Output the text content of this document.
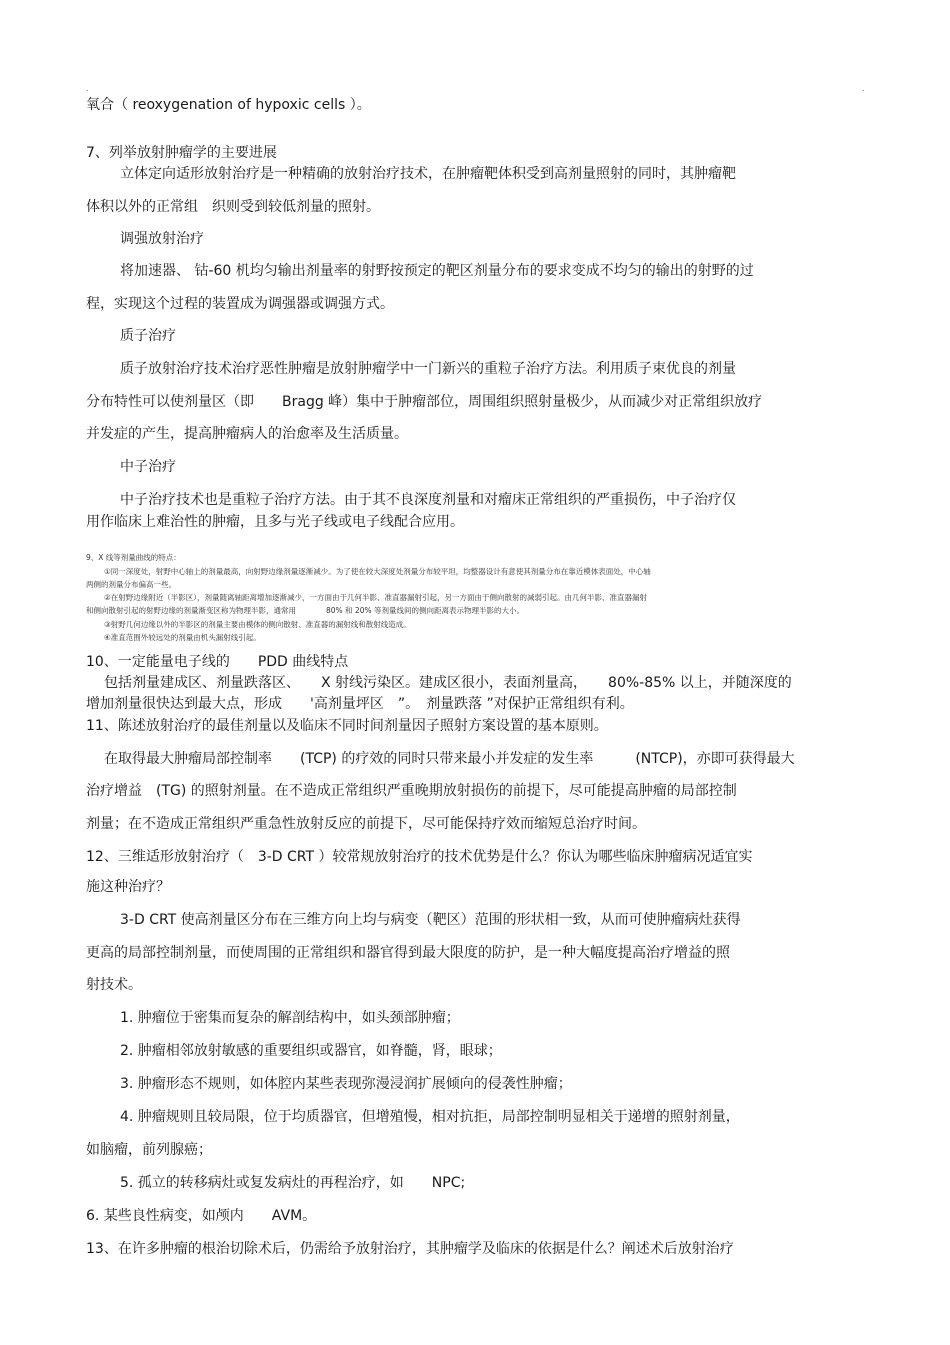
.	.
氧合（ reoxygenation of hypoxic cells ）。
7、列举放射肿瘤学的主要进展
立体定向适形放射治疗是一种精确的放射治疗技术，在肿瘤靶体积受到高剂量照射的同时，其肿瘤靶
体积以外的正常组　织则受到较低剂量的照射。
调强放射治疗
将加速器、 钴-60 机均匀输出剂量率的射野按预定的靶区剂量分布的要求变成不均匀的输出的射野的过
程，实现这个过程的装置成为调强器或调强方式。
质子治疗
质子放射治疗技术治疗恶性肿瘤是放射肿瘤学中一门新兴的重粒子治疗方法。利用质子束优良的剂量
分布特性可以使剂量区（即　　Bragg 峰）集中于肿瘤部位，周围组织照射量极少，从而减少对正常组织放疗
并发症的产生，提高肿瘤病人的治愈率及生活质量。
中子治疗
中子治疗技术也是重粒子治疗方法。由于其不良深度剂量和对瘤床正常组织的严重损伤，中子治疗仅
用作临床上难治性的肿瘤，且多与光子线或电子线配合应用。
9、X 线等剂量曲线的特点：
①同一深度处，射野中心轴上的剂量最高，向射野边缘剂量逐渐减少。为了使在较大深度处剂量分布较平坦，均整器设计有意使其剂量分布在靠近模体表面处，中心轴
两侧的剂量分布偏高一些。
②在射野边缘附近（半影区），剂量随离轴距离增加逐渐减少，一方面由于几何半影、准直器漏射引起，另一方面由于侧向散射的减弱引起。由几何半影、准直器漏射
和侧向散射引起的射野边缘的剂量渐变区称为物理半影，通常用　　　　80% 和 20% 等剂量线间的侧向距离表示物理半影的大小。
③射野几何边缘以外的半影区的剂量主要由模体的侧向散射、准直器的漏射线和散射线造成。
④准直范围外较远处的剂量由机头漏射线引起。
10、一定能量电子线的　　PDD 曲线特点
包括剂量建成区、剂量跌落区、　　X 射线污染区。建成区很小，表面剂量高，　　80%-85% 以上，并随深度的
增加剂量很快达到最大点，形成　　'高剂量坪区　”。　剂量跌落 ”对保护正常组织有利。
11、陈述放射治疗的最佳剂量以及临床不同时间剂量因子照射方案设置的基本原则。
在取得最大肿瘤局部控制率　　(TCP) 的疗效的同时只带来最小并发症的发生率　　　(NTCP)，亦即可获得最大
治疗增益　(TG) 的照射剂量。在不造成正常组织严重晚期放射损伤的前提下，尽可能提高肿瘤的局部控制
剂量；在不造成正常组织严重急性放射反应的前提下，尽可能保持疗效而缩短总治疗时间。
12、三维适形放射治疗（　3-D CRT ）较常规放射治疗的技术优势是什么？你认为哪些临床肿瘤病况适宜实
施这种治疗？
3-D CRT 使高剂量区分布在三维方向上均与病变（靶区）范围的形状相一致，从而可使肿瘤病灶获得
更高的局部控制剂量，而使周围的正常组织和器官得到最大限度的防护，是一种大幅度提高治疗增益的照
射技术。
1. 肿瘤位于密集而复杂的解剖结构中，如头颈部肿瘤；
2. 肿瘤相邻放射敏感的重要组织或器官，如脊髓，肾，眼球；
3. 肿瘤形态不规则，如体腔内某些表现弥漫浸润扩展倾向的侵袭性肿瘤；
4. 肿瘤规则且较局限，位于均质器官，但增殖慢，相对抗拒，局部控制明显相关于递增的照射剂量，
如脑瘤，前列腺癌；
5. 孤立的转移病灶或复发病灶的再程治疗，如　　NPC;
6. 某些良性病变，如颅内　　AVM。
13、在许多肿瘤的根治切除术后，仍需给予放射治疗，其肿瘤学及临床的依据是什么？阐述术后放射治疗
